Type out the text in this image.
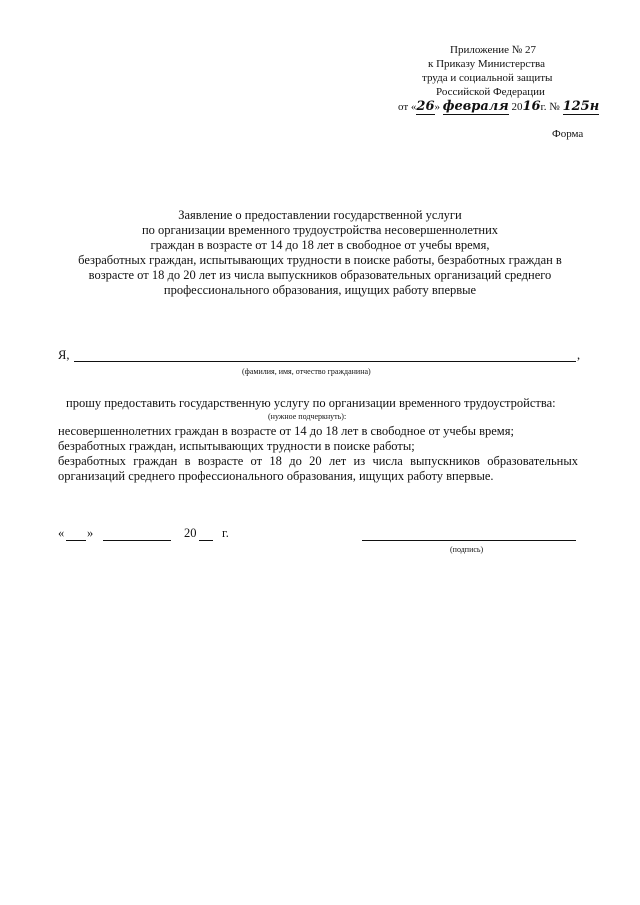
Приложение № 27
к Приказу Министерства
труда и социальной защиты
Российской Федерации
от «26» февраля 2016г. № 125н
Форма
Заявление о предоставлении государственной услуги
по организации временного трудоустройства несовершеннолетних
граждан в возрасте от 14 до 18 лет в свободное от учебы время,
безработных граждан, испытывающих трудности в поиске работы, безработных граждан в
возрасте от 18 до 20 лет из числа выпускников образовательных организаций среднего
профессионального образования, ищущих работу впервые
Я,	,
(фамилия, имя, отчество гражданина)
прошу предоставить государственную услугу по организации временного трудоустройства:
(нужное подчеркнуть):
несовершеннолетних граждан в возрасте от 14 до 18 лет в свободное от учебы время;
безработных граждан, испытывающих трудности в поиске работы;
безработных граждан в возрасте от 18 до 20 лет из числа выпускников образовательных
организаций среднего профессионального образования, ищущих работу впервые.
« »	20 г.
(подпись)
